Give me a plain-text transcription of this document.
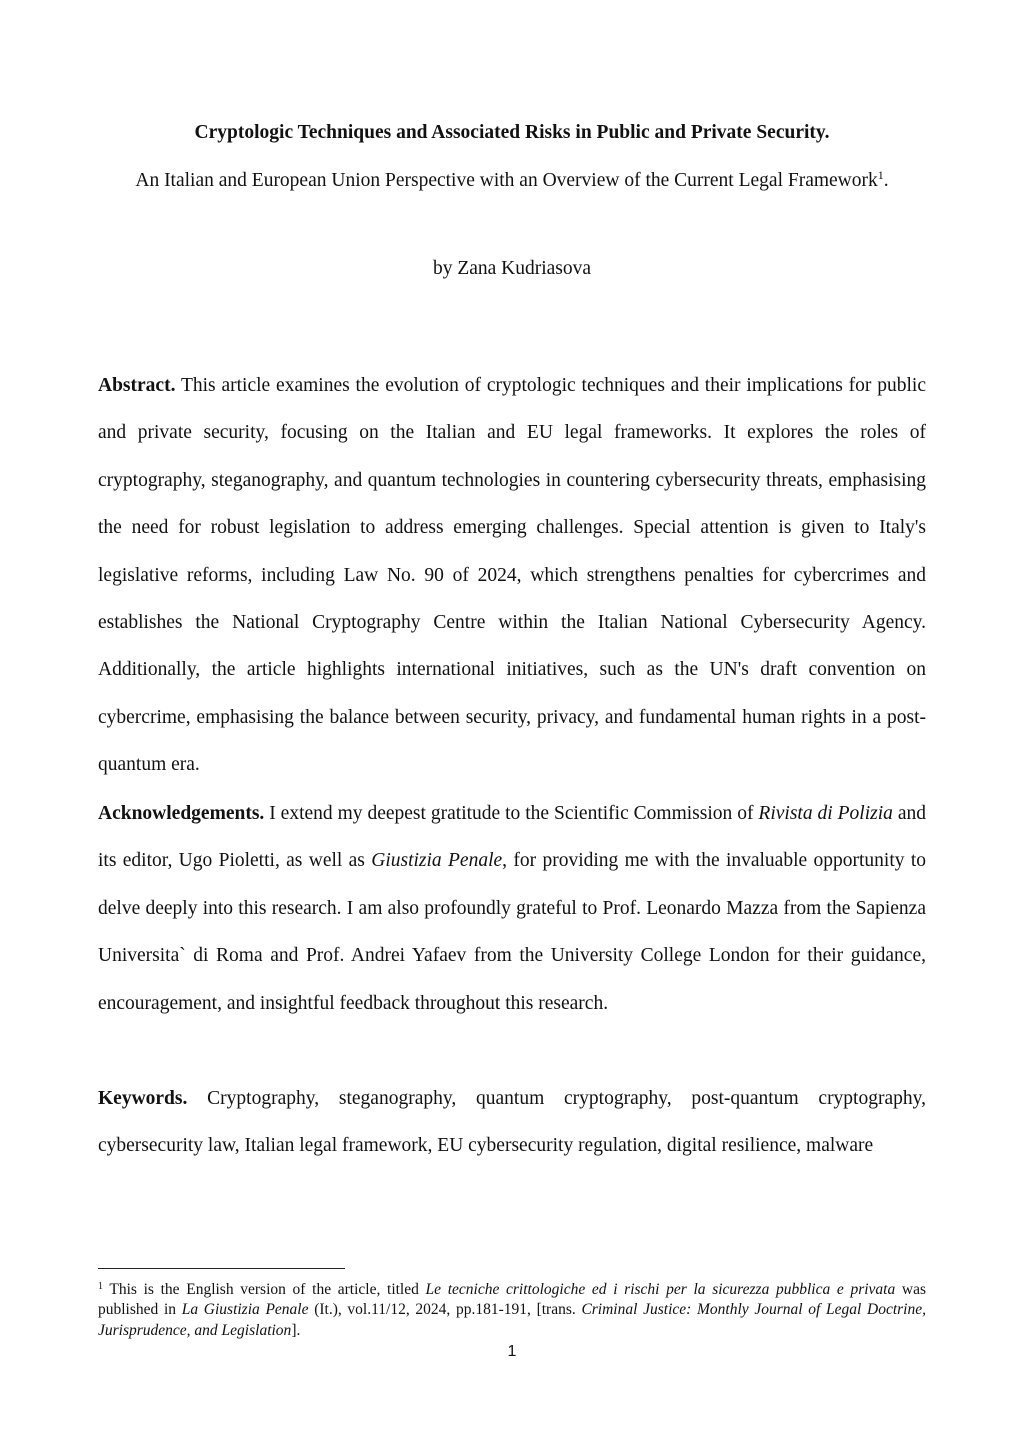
Cryptologic Techniques and Associated Risks in Public and Private Security.
An Italian and European Union Perspective with an Overview of the Current Legal Framework$^1$.
by Zana Kudriasova

Abstract. This article examines the evolution of cryptologic techniques and their implications for public and private security, focusing on the Italian and EU legal frameworks. It explores the roles of cryptography, steganography, and quantum technologies in countering cybersecurity threats, emphasising the need for robust legislation to address emerging challenges. Special attention is given to Italy's legislative reforms, including Law No. 90 of 2024, which strengthens penalties for cybercrimes and establishes the National Cryptography Centre within the Italian National Cybersecurity Agency. Additionally, the article highlights international initiatives, such as the UN's draft convention on cybercrime, emphasising the balance between security, privacy, and fundamental human rights in a post-quantum era.

Acknowledgements. I extend my deepest gratitude to the Scientific Commission of Rivista di Polizia and its editor, Ugo Pioletti, as well as Giustizia Penale, for providing me with the invaluable opportunity to delve deeply into this research. I am also profoundly grateful to Prof. Leonardo Mazza from the Sapienza Universita` di Roma and Prof. Andrei Yafaev from the University College London for their guidance, encouragement, and insightful feedback throughout this research.

Keywords. Cryptography, steganography, quantum cryptography, post-quantum cryptography, cybersecurity law, Italian legal framework, EU cybersecurity regulation, digital resilience, malware

$^1$ This is the English version of the article, titled Le tecniche crittologiche ed i rischi per la sicurezza pubblica e privata was published in La Giustizia Penale (It.), vol.11/12, 2024, pp.181-191, [trans. Criminal Justice: Monthly Journal of Legal Doctrine, Jurisprudence, and Legislation].

1
